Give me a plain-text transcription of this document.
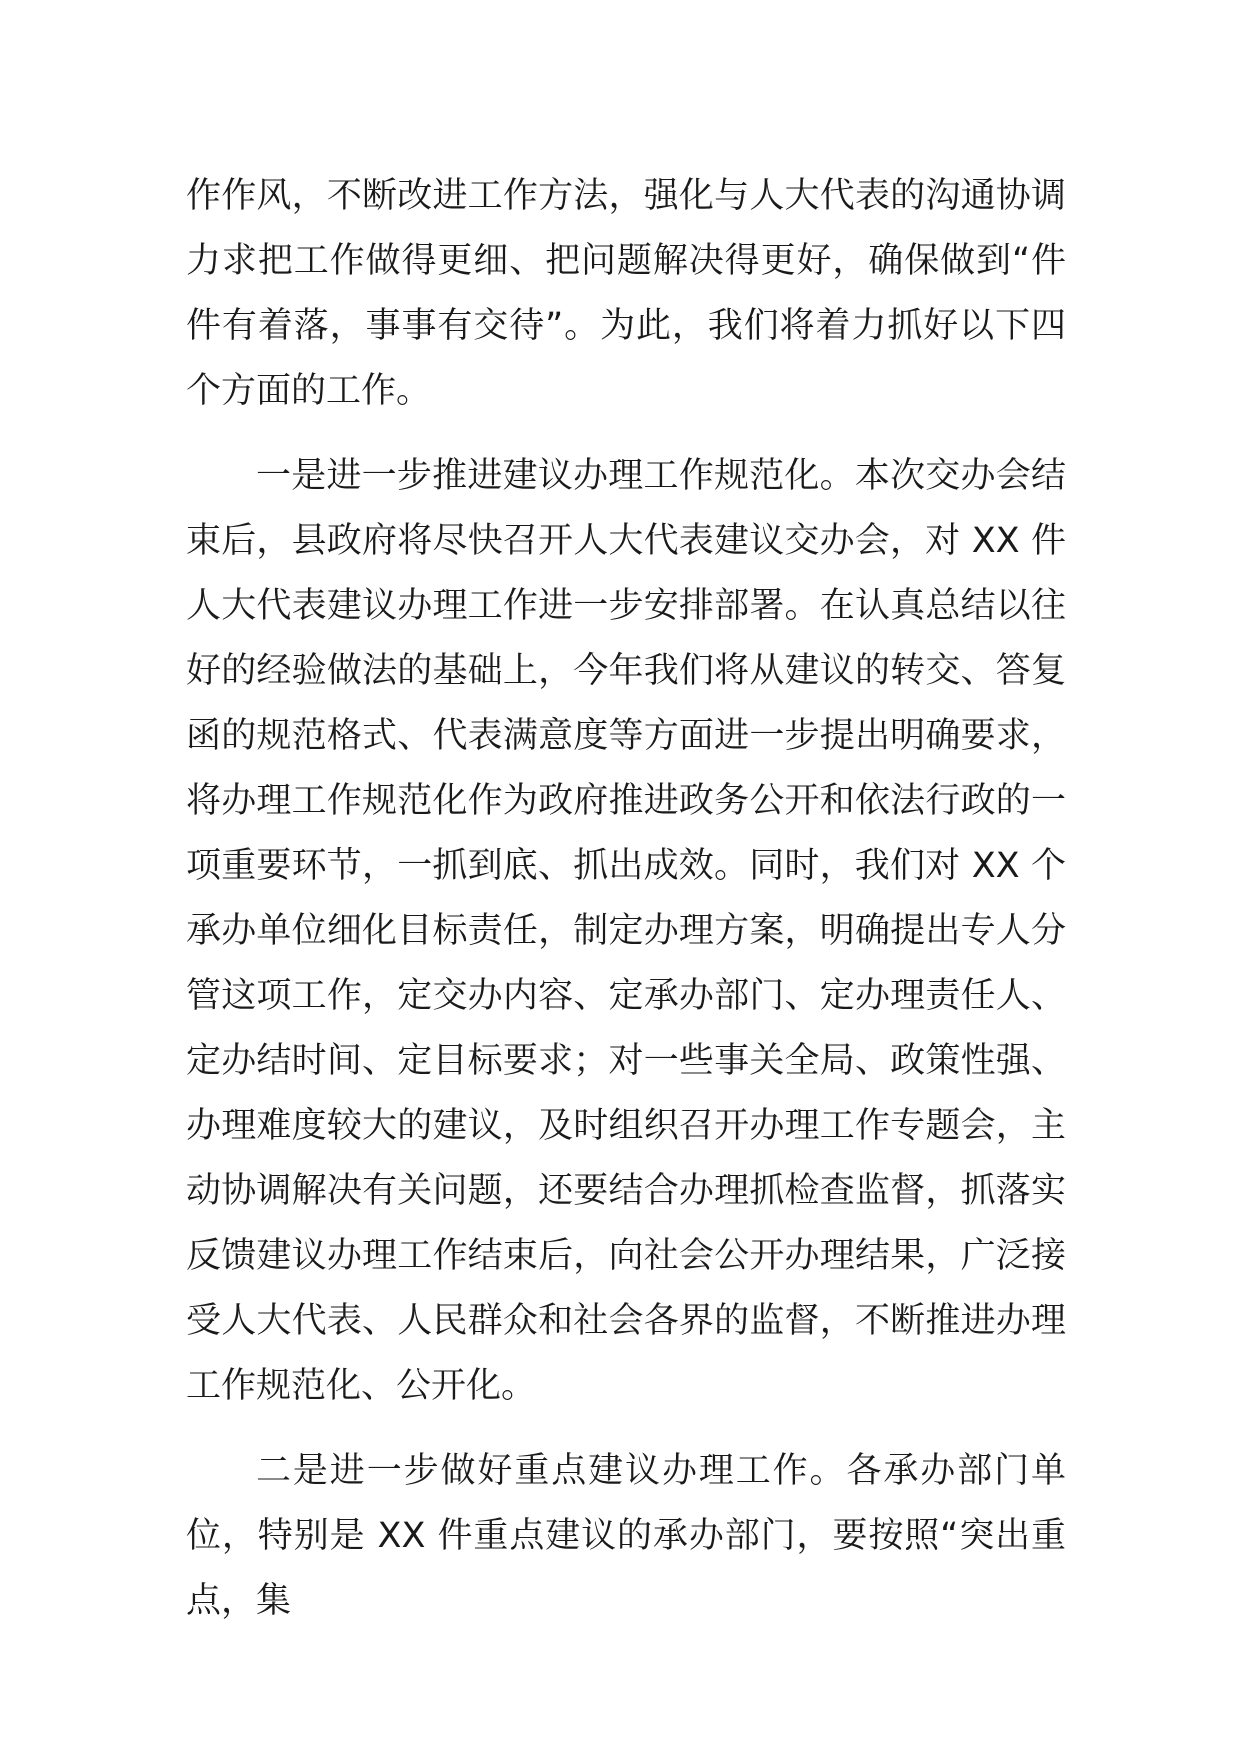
作作风，不断改进工作方法，强化与人大代表的沟通协调力求把工作做得更细、把问题解决得更好，确保做到“件件有着落，事事有交待”。为此，我们将着力抓好以下四个方面的工作。

一是进一步推进建议办理工作规范化。本次交办会结束后，县政府将尽快召开人大代表建议交办会，对 XX 件人大代表建议办理工作进一步安排部署。在认真总结以往好的经验做法的基础上，今年我们将从建议的转交、答复函的规范格式、代表满意度等方面进一步提出明确要求，将办理工作规范化作为政府推进政务公开和依法行政的一项重要环节，一抓到底、抓出成效。同时，我们对 XX 个承办单位细化目标责任，制定办理方案，明确提出专人分管这项工作，定交办内容、定承办部门、定办理责任人、定办结时间、定目标要求；对一些事关全局、政策性强、办理难度较大的建议，及时组织召开办理工作专题会，主动协调解决有关问题，还要结合办理抓检查监督，抓落实反馈建议办理工作结束后，向社会公开办理结果，广泛接受人大代表、人民群众和社会各界的监督，不断推进办理工作规范化、公开化。

二是进一步做好重点建议办理工作。各承办部门单位，特别是 XX 件重点建议的承办部门，要按照“突出重点，集
